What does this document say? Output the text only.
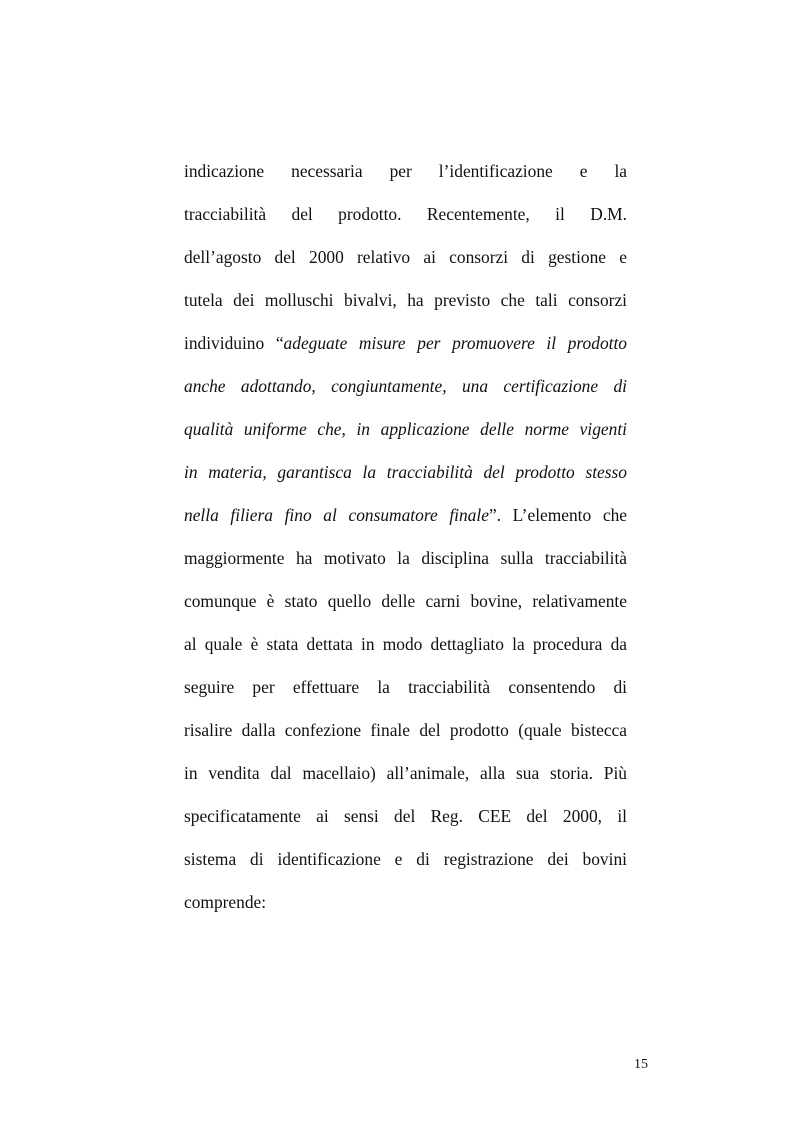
indicazione necessaria per l’identificazione e la
tracciabilità del prodotto. Recentemente, il D.M.
dell’agosto del 2000 relativo ai consorzi di gestione e
tutela dei molluschi bivalvi, ha previsto che tali consorzi
individuino “adeguate misure per promuovere il prodotto
anche adottando, congiuntamente, una certificazione di
qualità uniforme che, in applicazione delle norme vigenti
in materia, garantisca la tracciabilità del prodotto stesso
nella filiera fino al consumatore finale”. L’elemento che
maggiormente ha motivato la disciplina sulla tracciabilità
comunque è stato quello delle carni bovine, relativamente
al quale è stata dettata in modo dettagliato la procedura da
seguire per effettuare la tracciabilità consentendo di
risalire dalla confezione finale del prodotto (quale bistecca
in vendita dal macellaio) all’animale, alla sua storia. Più
specificatamente ai sensi del Reg. CEE del 2000, il
sistema di identificazione e di registrazione dei bovini
comprende:
15
